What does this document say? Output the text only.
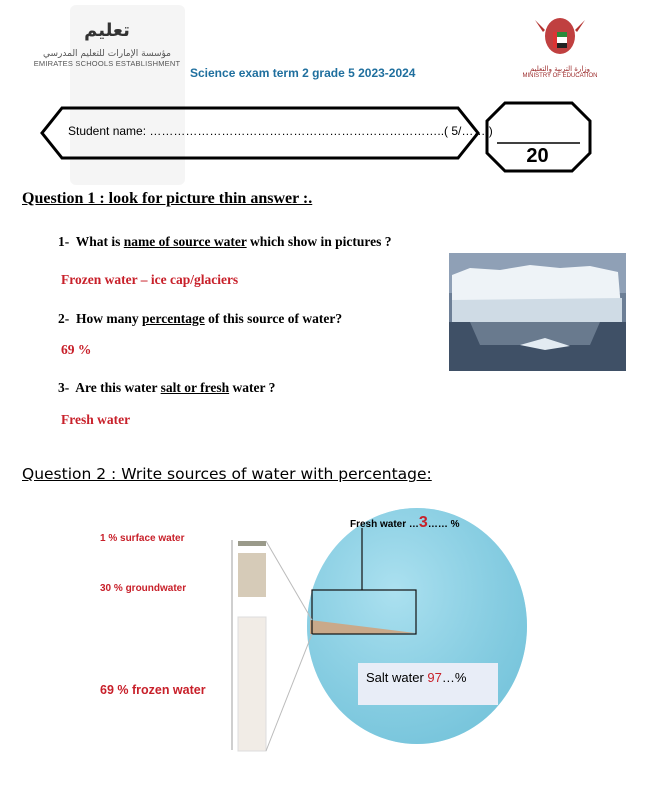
تعليم
مؤسسة الإمارات للتعليم المدرسي
EMIRATES SCHOOLS ESTABLISHMENT
Science exam term 2 grade 5 2023-2024	وزارة التربية والتعليم
MINISTRY OF EDUCATION
Student name: ………………………………………………………………..( 5/…….)
20
Question 1 : look for picture thin answer :.
1- What is name of source water which show in pictures ?
Frozen water – ice cap/glaciers
2- How many percentage of this source of water?
69 %
3- Are this water salt or fresh water ?
Fresh water
Question 2 : Write sources of water with percentage:
1 % surface water
30 % groundwater
69 % frozen water
Fresh water …3…… %
Salt water 97…%
